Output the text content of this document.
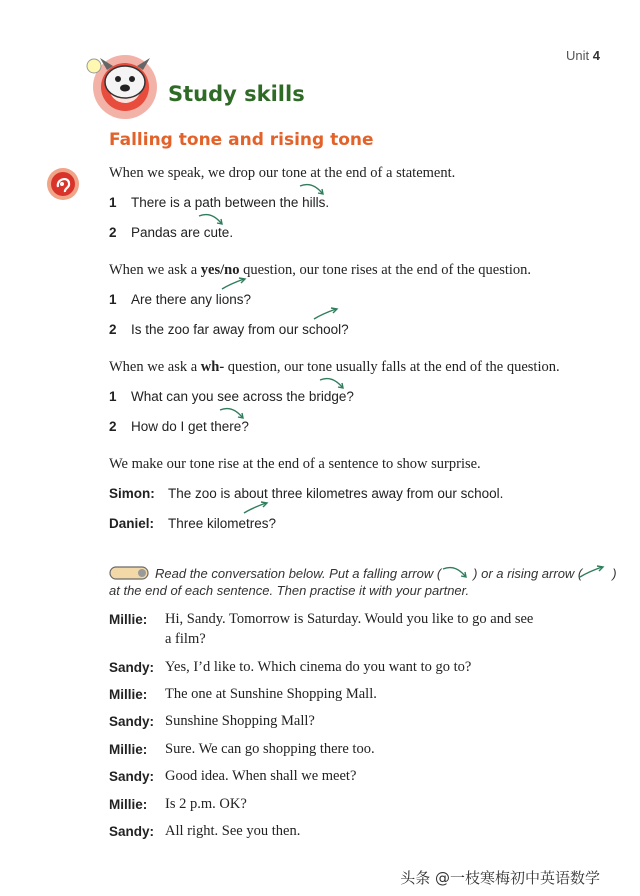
Unit 4
Study skills
Falling tone and rising tone
When we speak, we drop our tone at the end of a statement.
1 There is a path between the hills.
2 Pandas are cute.
When we ask a yes/no question, our tone rises at the end of the question.
1 Are there any lions?
2 Is the zoo far away from our school?
When we ask a wh- question, our tone usually falls at the end of the question.
1 What can you see across the bridge?
2 How do I get there?
We make our tone rise at the end of a sentence to show surprise.
Simon: The zoo is about three kilometres away from our school.
Daniel: Three kilometres?
Read the conversation below. Put a falling arrow ( ) or a rising arrow ( )
at the end of each sentence. Then practise it with your partner.
Millie: Hi, Sandy. Tomorrow is Saturday. Would you like to go and see
a film?
Sandy: Yes, I’d like to. Which cinema do you want to go to?
Millie: The one at Sunshine Shopping Mall.
Sandy: Sunshine Shopping Mall?
Millie: Sure. We can go shopping there too.
Sandy: Good idea. When shall we meet?
Millie: Is 2 p.m. OK?
Sandy: All right. See you then.
头条 @一枝寒梅初中英语数学
